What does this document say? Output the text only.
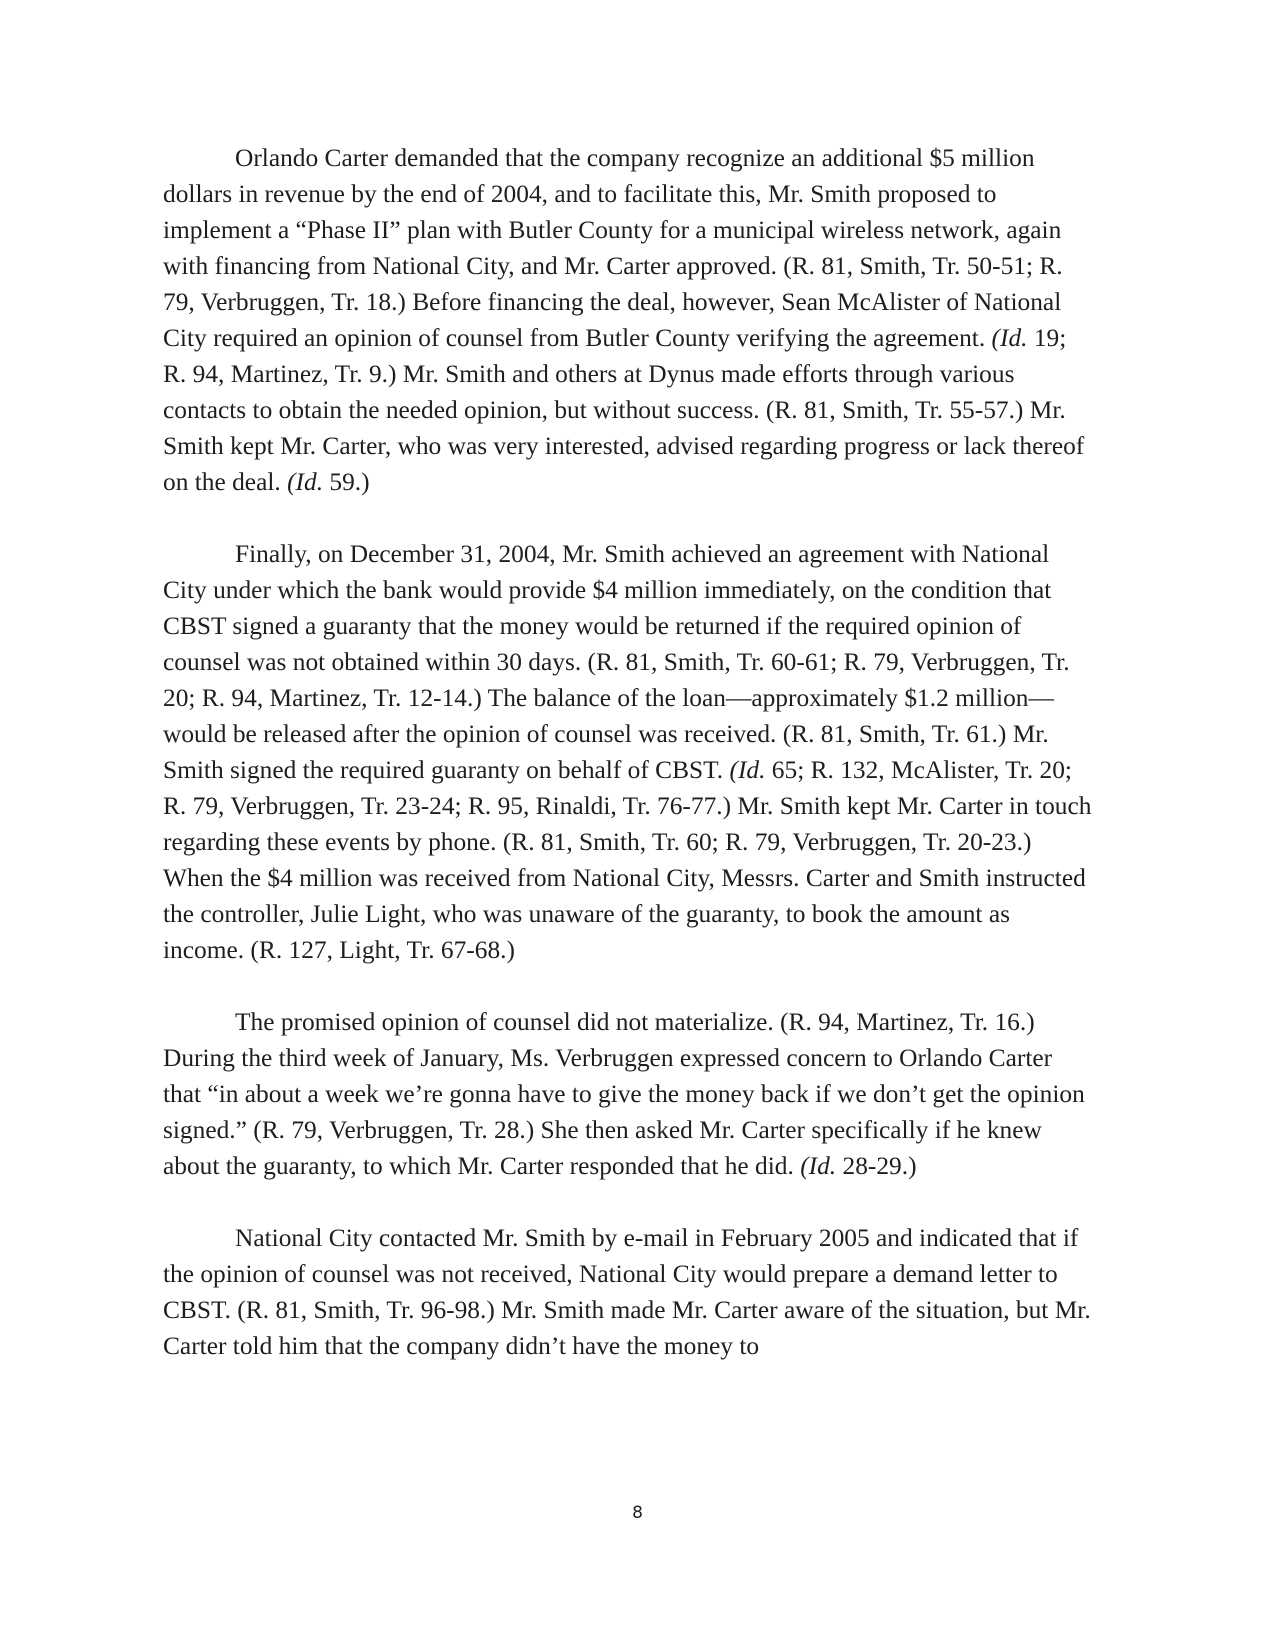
Orlando Carter demanded that the company recognize an additional $5 million dollars in revenue by the end of 2004, and to facilitate this, Mr. Smith proposed to implement a “Phase II” plan with Butler County for a municipal wireless network, again with financing from National City, and Mr. Carter approved. (R. 81, Smith, Tr. 50-51; R. 79, Verbruggen, Tr. 18.) Before financing the deal, however, Sean McAlister of National City required an opinion of counsel from Butler County verifying the agreement. (Id. 19; R. 94, Martinez, Tr. 9.) Mr. Smith and others at Dynus made efforts through various contacts to obtain the needed opinion, but without success. (R. 81, Smith, Tr. 55-57.) Mr. Smith kept Mr. Carter, who was very interested, advised regarding progress or lack thereof on the deal. (Id. 59.)

Finally, on December 31, 2004, Mr. Smith achieved an agreement with National City under which the bank would provide $4 million immediately, on the condition that CBST signed a guaranty that the money would be returned if the required opinion of counsel was not obtained within 30 days. (R. 81, Smith, Tr. 60-61; R. 79, Verbruggen, Tr. 20; R. 94, Martinez, Tr. 12-14.) The balance of the loan—approximately $1.2 million—would be released after the opinion of counsel was received. (R. 81, Smith, Tr. 61.) Mr. Smith signed the required guaranty on behalf of CBST. (Id. 65; R. 132, McAlister, Tr. 20; R. 79, Verbruggen, Tr. 23-24; R. 95, Rinaldi, Tr. 76-77.) Mr. Smith kept Mr. Carter in touch regarding these events by phone. (R. 81, Smith, Tr. 60; R. 79, Verbruggen, Tr. 20-23.) When the $4 million was received from National City, Messrs. Carter and Smith instructed the controller, Julie Light, who was unaware of the guaranty, to book the amount as income. (R. 127, Light, Tr. 67-68.)

The promised opinion of counsel did not materialize. (R. 94, Martinez, Tr. 16.) During the third week of January, Ms. Verbruggen expressed concern to Orlando Carter that “in about a week we’re gonna have to give the money back if we don’t get the opinion signed.” (R. 79, Verbruggen, Tr. 28.) She then asked Mr. Carter specifically if he knew about the guaranty, to which Mr. Carter responded that he did. (Id. 28-29.)

National City contacted Mr. Smith by e-mail in February 2005 and indicated that if the opinion of counsel was not received, National City would prepare a demand letter to CBST. (R. 81, Smith, Tr. 96-98.) Mr. Smith made Mr. Carter aware of the situation, but Mr. Carter told him that the company didn’t have the money to

8
